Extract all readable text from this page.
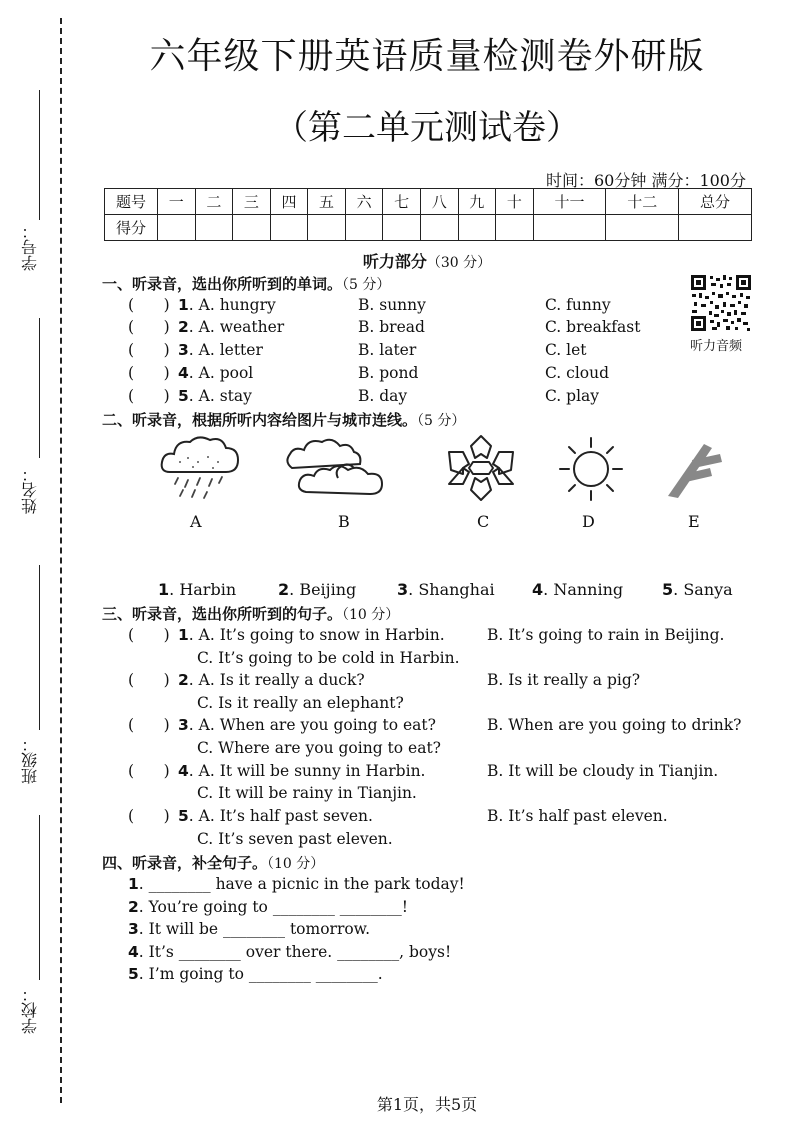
学号：
姓名：
班级：
学校：
六年级下册英语质量检测卷外研版
（第二单元测试卷）
时间：60分钟 满分：100分
题号	一	二	三	四	五	六	七	八	九	十	十一	十二	总分
得分													
听力部分（30 分）
一、听录音，选出你所听到的单词。（5 分）
听力音频
(      ) 1. A. hungry	B. sunny	C. funny
(      ) 2. A. weather	B. bread	C. breakfast
(      ) 3. A. letter	B. later	C. let
(      ) 4. A. pool	B. pond	C. cloud
(      ) 5. A. stay	B. day	C. play
二、听录音，根据所听内容给图片与城市连线。（5 分）
A	B	C	D	E
1. Harbin	2. Beijing	3. Shanghai 4. Nanning 5. Sanya
三、听录音，选出你所听到的句子。（10 分）
(      ) 1. A. It’s going to snow in Harbin.	B. It’s going to rain in Beijing.
C. It’s going to be cold in Harbin.
(      ) 2. A. Is it really a duck?	B. Is it really a pig?
C. Is it really an elephant?
(      ) 3. A. When are you going to eat?	B. When are you going to drink?
C. Where are you going to eat?
(      ) 4. A. It will be sunny in Harbin.	B. It will be cloudy in Tianjin.
C. It will be rainy in Tianjin.
(      ) 5. A. It’s half past seven.	B. It’s half past eleven.
C. It’s seven past eleven.
四、听录音，补全句子。（10 分）
1. ________ have a picnic in the park today!
2. You’re going to ________ ________!
3. It will be ________ tomorrow.
4. It’s ________ over there. ________, boys!
5. I’m going to ________ ________.
第1页，共5页
